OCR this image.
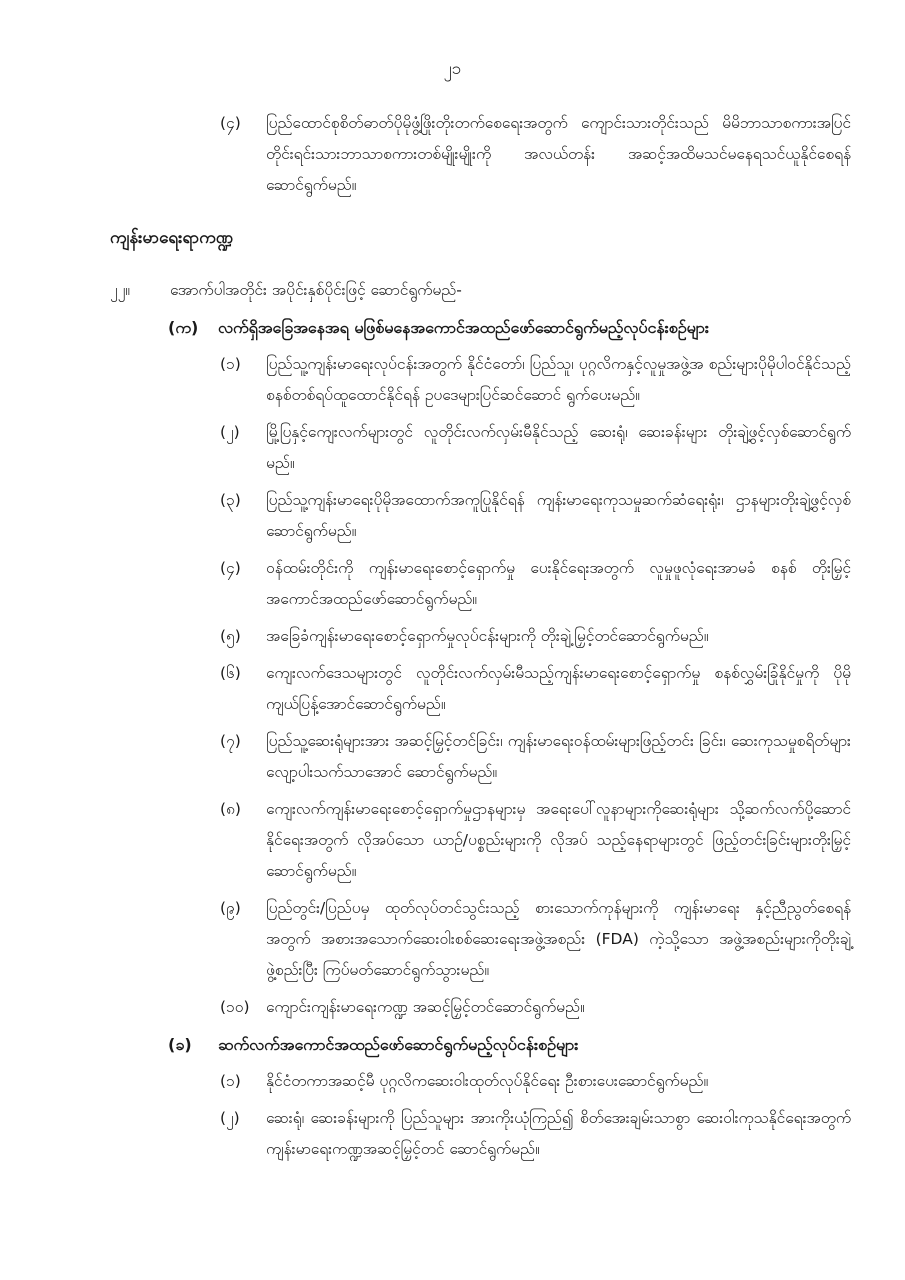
၂၁
(၄) ပြည်ထောင်စုစိတ်ဓာတ်ပိုမိုဖွံ့ဖြိုးတိုးတက်စေရေးအတွက် ကျောင်းသားတိုင်းသည် မိမိဘာသာစကားအပြင် တိုင်းရင်းသားဘာသာစကားတစ်မျိုးမျိုးကို အလယ်တန်း အဆင့်အထိမသင်မနေရသင်ယူနိုင်စေရန်ဆောင်ရွက်မည်။
ကျန်းမာရေးရာကဏ္ဍ
၂၂။	အောက်ပါအတိုင်း အပိုင်းနှစ်ပိုင်းဖြင့် ဆောင်ရွက်မည်-
(က) လက်ရှိအခြေအနေအရ မဖြစ်မနေအကောင်အထည်ဖော်ဆောင်ရွက်မည့်လုပ်ငန်းစဉ်များ
(၁) ပြည်သူ့ကျန်းမာရေးလုပ်ငန်းအတွက် နိုင်ငံတော်၊ ပြည်သူ၊ ပုဂ္ဂလိကနှင့်လူမှုအဖွဲ့အ စည်းများပိုမိုပါဝင်နိုင်သည့် စနစ်တစ်ရပ်ထူထောင်နိုင်ရန် ဥပဒေများပြင်ဆင်ဆောင် ရွက်ပေးမည်။
(၂) မြို့ပြနှင့်ကျေးလက်များတွင် လူတိုင်းလက်လှမ်းမီနိုင်သည့် ဆေးရုံ၊ ဆေးခန်းများ တိုးချဲ့ဖွင့်လှစ်ဆောင်ရွက်မည်။
(၃) ပြည်သူ့ကျန်းမာရေးပိုမိုအထောက်အကူပြုနိုင်ရန် ကျန်းမာရေးကုသမှုဆက်ဆံရေးရုံး၊ ဌာနများတိုးချဲ့ဖွင့်လှစ်ဆောင်ရွက်မည်။
(၄) ဝန်ထမ်းတိုင်းကို ကျန်းမာရေးစောင့်ရှောက်မှု ပေးနိုင်ရေးအတွက် လူမှုဖူလုံရေးအာမခံ စနစ် တိုးမြှင့်အကောင်အထည်ဖော်ဆောင်ရွက်မည်။
(၅) အခြေခံကျန်းမာရေးစောင့်ရှောက်မှုလုပ်ငန်းများကို တိုးချဲ့မြှင့်တင်ဆောင်ရွက်မည်။
(၆) ကျေးလက်ဒေသများတွင် လူတိုင်းလက်လှမ်းမီသည့်ကျန်းမာရေးစောင့်ရှောက်မှု စနစ်လွှမ်းခြုံနိုင်မှုကို ပိုမိုကျယ်ပြန့်အောင်ဆောင်ရွက်မည်။
(၇) ပြည်သူ့ဆေးရုံများအား အဆင့်မြှင့်တင်ခြင်း၊ ကျန်းမာရေးဝန်ထမ်းများဖြည့်တင်း ခြင်း၊ ဆေးကုသမှုစရိတ်များလျော့ပါးသက်သာအောင် ဆောင်ရွက်မည်။
(၈) ကျေးလက်ကျန်းမာရေးစောင့်ရှောက်မှုဌာနများမှ အရေးပေါ်လူနာများကိုဆေးရုံများ သို့ဆက်လက်ပို့ဆောင်နိုင်ရေးအတွက် လိုအပ်သော ယာဉ်/ပစ္စည်းများကို လိုအပ် သည့်နေရာများတွင် ဖြည့်တင်းခြင်းများတိုးမြှင့်ဆောင်ရွက်မည်။
(၉) ပြည်တွင်း/ပြည်ပမှ ထုတ်လုပ်တင်သွင်းသည့် စားသောက်ကုန်များကို ကျန်းမာရေး နှင့်ညီညွတ်စေရန်အတွက် အစားအသောက်ဆေးဝါးစစ်ဆေးရေးအဖွဲ့အစည်း (FDA) ကဲ့သို့သော အဖွဲ့အစည်းများကိုတိုးချဲ့ဖွဲ့စည်းပြီး ကြပ်မတ်ဆောင်ရွက်သွားမည်။
(၁၀) ကျောင်းကျန်းမာရေးကဏ္ဍ အဆင့်မြှင့်တင်ဆောင်ရွက်မည်။
(ခ) ဆက်လက်အကောင်အထည်ဖော်ဆောင်ရွက်မည့်လုပ်ငန်းစဉ်များ
(၁) နိုင်ငံတကာအဆင့်မီ ပုဂ္ဂလိကဆေးဝါးထုတ်လုပ်နိုင်ရေး ဦးစားပေးဆောင်ရွက်မည်။
(၂) ဆေးရုံ၊ ဆေးခန်းများကို ပြည်သူများ အားကိုးယုံကြည်၍ စိတ်အေးချမ်းသာစွာ ဆေးဝါးကုသနိုင်ရေးအတွက် ကျန်းမာရေးကဏ္ဍအဆင့်မြှင့်တင် ဆောင်ရွက်မည်။
